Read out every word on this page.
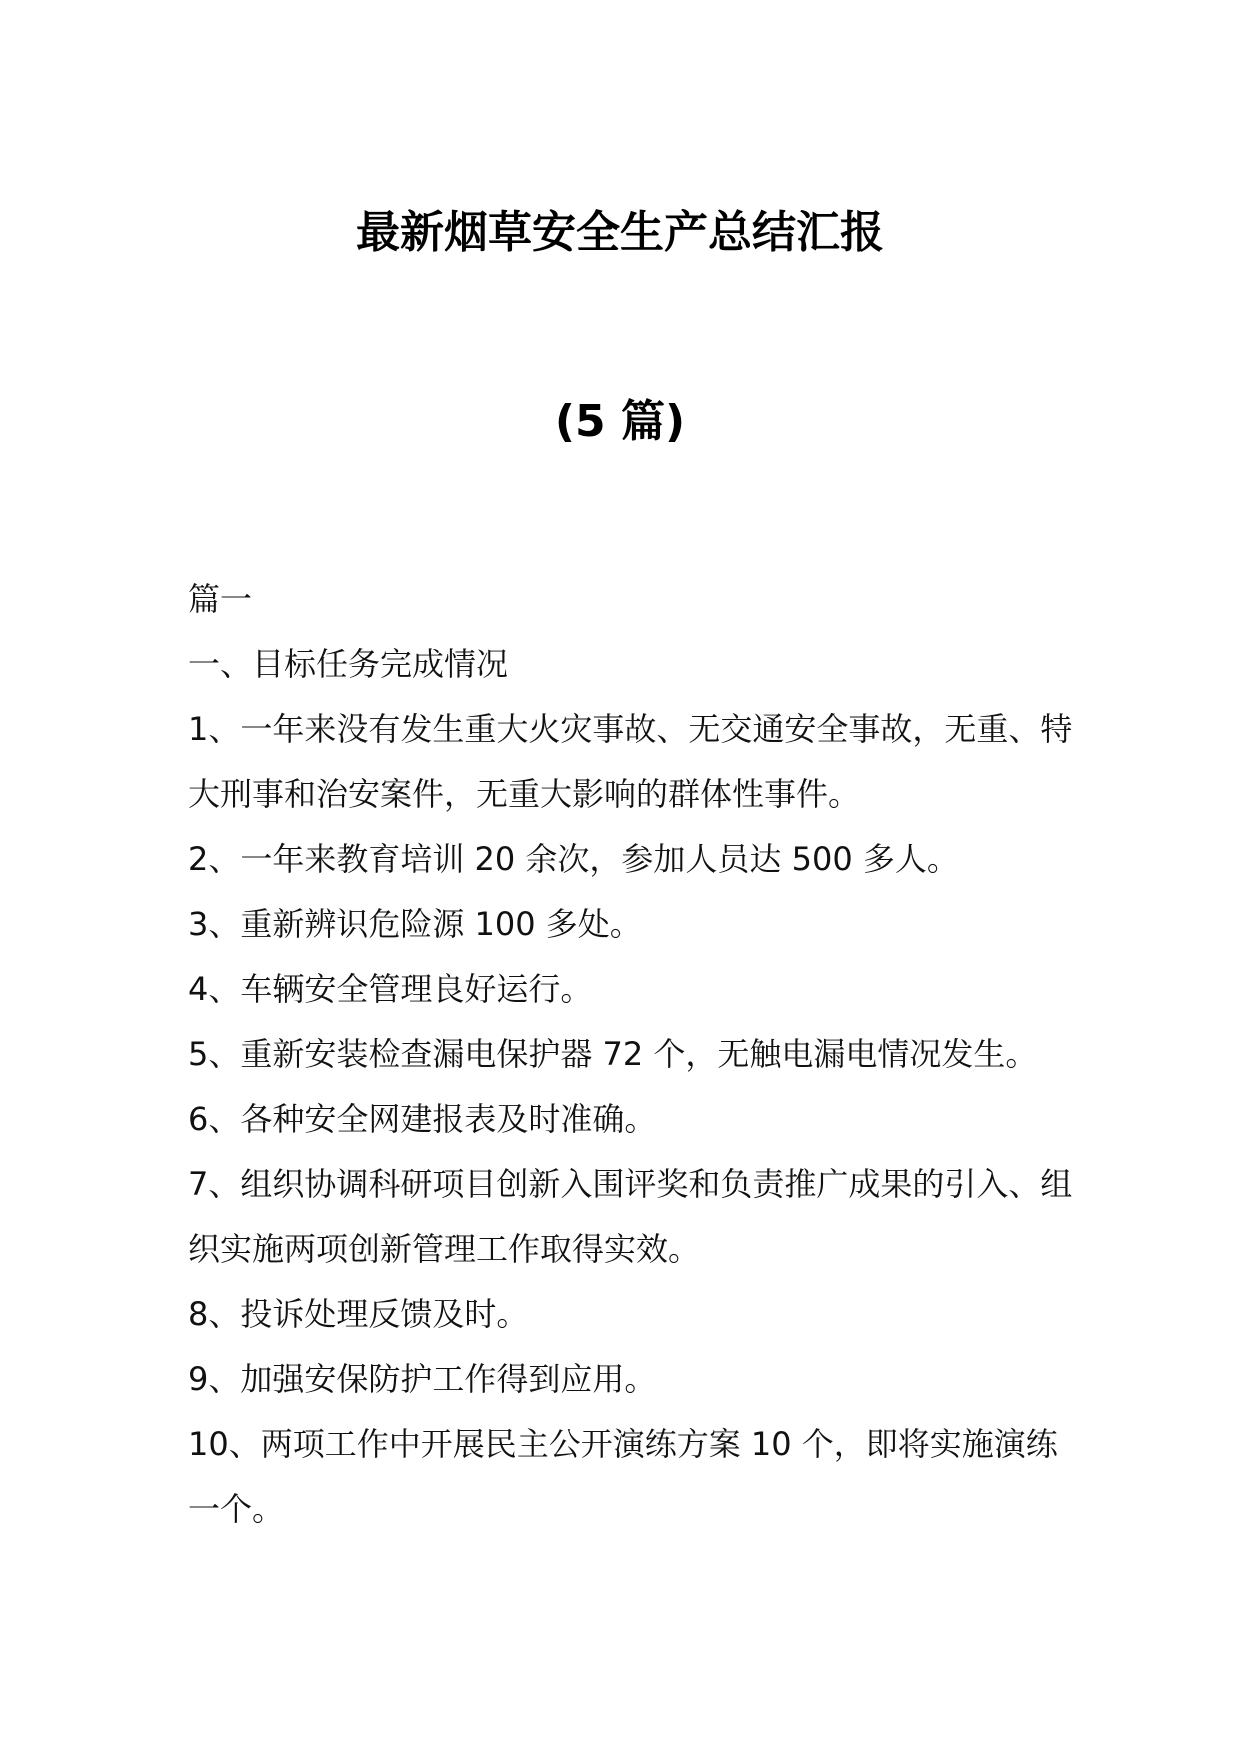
最新烟草安全生产总结汇报
(5 篇)

篇一

一、目标任务完成情况

1、一年来没有发生重大火灾事故、无交通安全事故，无重、特大刑事和治安案件，无重大影响的群体性事件。

2、一年来教育培训 20 余次，参加人员达 500 多人。

3、重新辨识危险源 100 多处。

4、车辆安全管理良好运行。

5、重新安装检查漏电保护器 72 个，无触电漏电情况发生。

6、各种安全网建报表及时准确。

7、组织协调科研项目创新入围评奖和负责推广成果的引入、组织实施两项创新管理工作取得实效。

8、投诉处理反馈及时。

9、加强安保防护工作得到应用。

10、两项工作中开展民主公开演练方案 10 个，即将实施演练一个。
